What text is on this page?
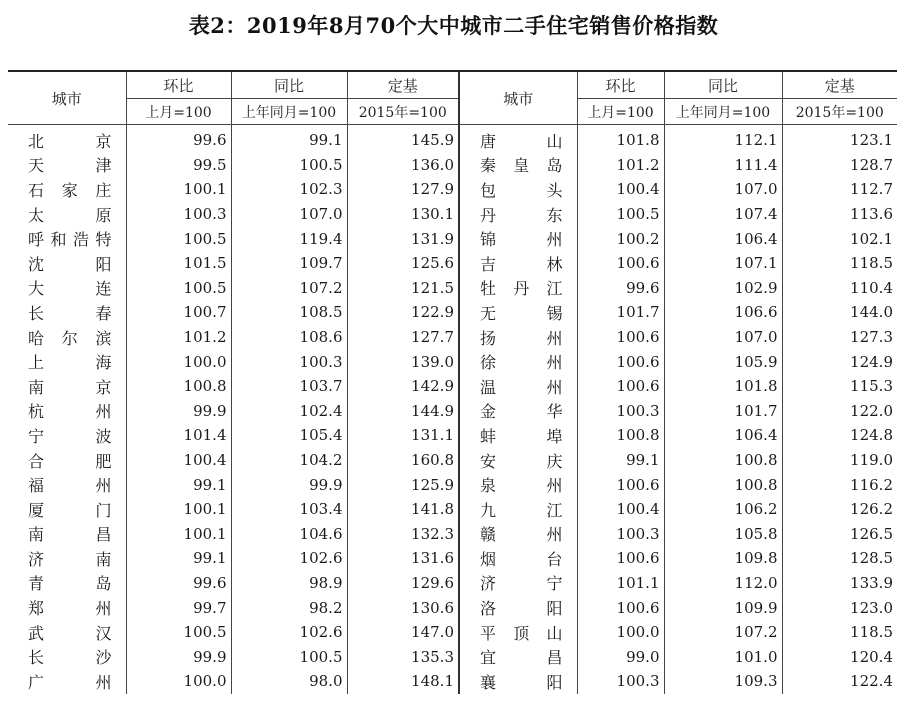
表2：2019年8月70个大中城市二手住宅销售价格指数
城市	环比	同比	定基	城市	环比	同比	定基
	上月=100	上年同月=100	2015年=100		上月=100	上年同月=100	2015年=100
北京	99.6	99.1	145.9	唐山	101.8	112.1	123.1
天津	99.5	100.5	136.0	秦皇岛	101.2	111.4	128.7
石家庄	100.1	102.3	127.9	包头	100.4	107.0	112.7
太原	100.3	107.0	130.1	丹东	100.5	107.4	113.6
呼和浩特	100.5	119.4	131.9	锦州	100.2	106.4	102.1
沈阳	101.5	109.7	125.6	吉林	100.6	107.1	118.5
大连	100.5	107.2	121.5	牡丹江	99.6	102.9	110.4
长春	100.7	108.5	122.9	无锡	101.7	106.6	144.0
哈尔滨	101.2	108.6	127.7	扬州	100.6	107.0	127.3
上海	100.0	100.3	139.0	徐州	100.6	105.9	124.9
南京	100.8	103.7	142.9	温州	100.6	101.8	115.3
杭州	99.9	102.4	144.9	金华	100.3	101.7	122.0
宁波	101.4	105.4	131.1	蚌埠	100.8	106.4	124.8
合肥	100.4	104.2	160.8	安庆	99.1	100.8	119.0
福州	99.1	99.9	125.9	泉州	100.6	100.8	116.2
厦门	100.1	103.4	141.8	九江	100.4	106.2	126.2
南昌	100.1	104.6	132.3	赣州	100.3	105.8	126.5
济南	99.1	102.6	131.6	烟台	100.6	109.8	128.5
青岛	99.6	98.9	129.6	济宁	101.1	112.0	133.9
郑州	99.7	98.2	130.6	洛阳	100.6	109.9	123.0
武汉	100.5	102.6	147.0	平顶山	100.0	107.2	118.5
长沙	99.9	100.5	135.3	宜昌	99.0	101.0	120.4
广州	100.0	98.0	148.1	襄阳	100.3	109.3	122.4
